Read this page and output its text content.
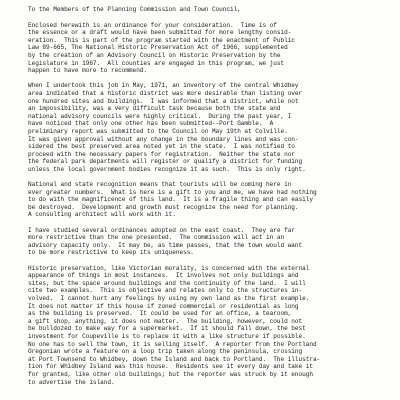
To the Members of the Planning Commission and Town Council,
Enclosed herewith is an ordinance for your consideration.  Time is of
the essence or a draft would have been submitted for more lengthy consid-
eration.  This is part of the program started with the enactment of Public
Law 89-665, The National Historic Preservation Act of 1966, supplemented
by the creation of an Advisory Council on Historic Preservation by the
Legislature in 1967.  All counties are engaged in this program, we just
happen to have more to recommend.
When I undertook this job in May, 1971, an inventory of the central Whidbey
area indicated that a historic district was more desirable than listing over
one hundred sites and buildings.  I was informed that a district, while not
an impossibility, was a very difficult task because both the state and
national advisory councils were highly critical.  During the past year, I
have noticed that only one other has been submitted--Port Gamble.  A
preliminary report was submitted to the Council on May 19th at Colville.
It was given approval without any change in the boundary lines and was con-
sidered the best preserved area noted yet in the state.  I was notified to
proceed with the necessary papers for registration.  Neither the state nor
the federal park departments will register or qualify a district for funding
unless the local government bodies recognize it as such.  This is only right.
National and state recognition means that tourists will be coming here in
ever greater numbers.  What is here is a gift to you and me, we have had nothing
to do with the magnificence of this land.  It is a fragile thing and can easily
be destroyed.  Development and growth must recognize the need for planning.
A consulting architect will work with it.
I have studied several ordinances adopted on the east coast.  They are far
more restrictive than the one presented.  The commission will act in an
advisory capacity only.  It may be, as time passes, that the town would want
to be more restrictive to keep its uniqueness.
Historic preservation, like Victorian morality, is concerned with the external
appearance of things in most instances.  It involves not only buildings and
sites, but the space around buildings and the continuity of the land.  I will
cite two examples.  This is objective and relates only to the structures in-
volved.  I cannot hurt any feelings by using my own land as the first example.
It does not matter if this house if zoned commercial or residential as long
as the building is preserved.  It could be used for an office, a tearoom,
a gift shop, anything, it does not matter.  The building, however, could not
be bulldozed to make way for a supermarket.  If it should fall down, the best
investment for Coupeville is to replace it with a like structure if possible.
No one has to sell the town, it is selling itself.  A reporter from the Portland
Oregonian wrote a feature on a loop trip taken along the peninsula, crossing
at Port Townsend to Whidbey, down the Island and back to Portland.  The illustra-
tion for Whidbey Island was this house.  Residents see it every day and take it
for granted, like other old buildings; but the reporter was struck by it enough
to advertise the island.
